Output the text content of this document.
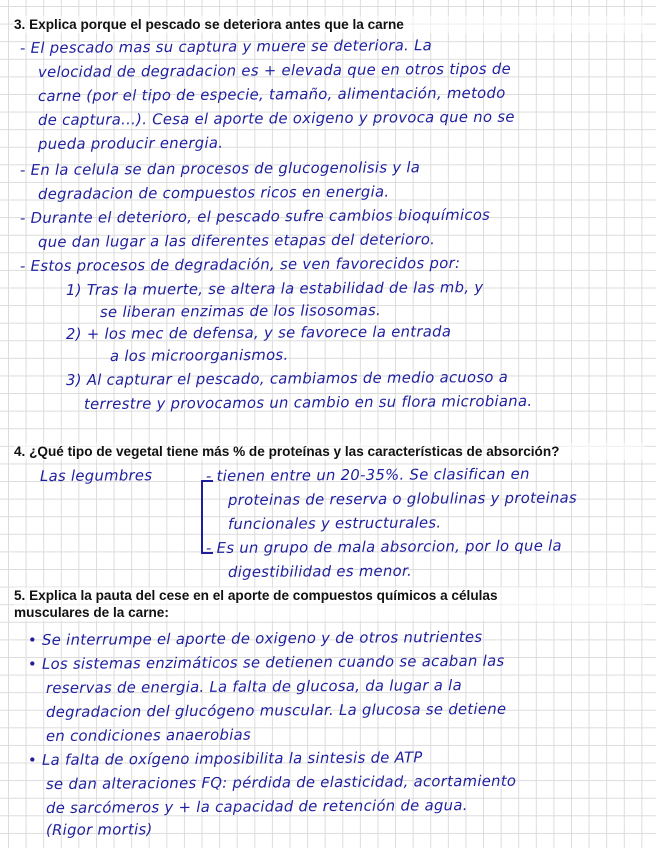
3. Explica porque el pescado se deteriora antes que la carne
- El pescado mas su captura y muere se deteriora. La
velocidad de degradacion es + elevada que en otros tipos de
carne (por el tipo de especie, tamaño, alimentación, metodo
de captura...). Cesa el aporte de oxigeno y provoca que no se
pueda producir energia.
- En la celula se dan procesos de glucogenolisis y la
degradacion de compuestos ricos en energia.
- Durante el deterioro, el pescado sufre cambios bioquímicos
que dan lugar a las diferentes etapas del deterioro.
- Estos procesos de degradación, se ven favorecidos por:
1) Tras la muerte, se altera la estabilidad de las mb, y
se liberan enzimas de los lisosomas.
2) + los mec de defensa, y se favorece la entrada
a los microorganismos.
3) Al capturar el pescado, cambiamos de medio acuoso a
terrestre y provocamos un cambio en su flora microbiana.
4. ¿Qué tipo de vegetal tiene más % de proteínas y las características de absorción?
Las legumbres	- tienen entre un 20-35%. Se clasifican en
proteinas de reserva o globulinas y proteinas
funcionales y estructurales.
- Es un grupo de mala absorcion, por lo que la
digestibilidad es menor.
5. Explica la pauta del cese en el aporte de compuestos químicos a células
musculares de la carne:
• Se interrumpe el aporte de oxigeno y de otros nutrientes
• Los sistemas enzimáticos se detienen cuando se acaban las
reservas de energia. La falta de glucosa, da lugar a la
degradacion del glucógeno muscular. La glucosa se detiene
en condiciones anaerobias
• La falta de oxígeno imposibilita la sintesis de ATP
se dan alteraciones FQ: pérdida de elasticidad, acortamiento
de sarcómeros y + la capacidad de retención de agua.
(Rigor mortis)
